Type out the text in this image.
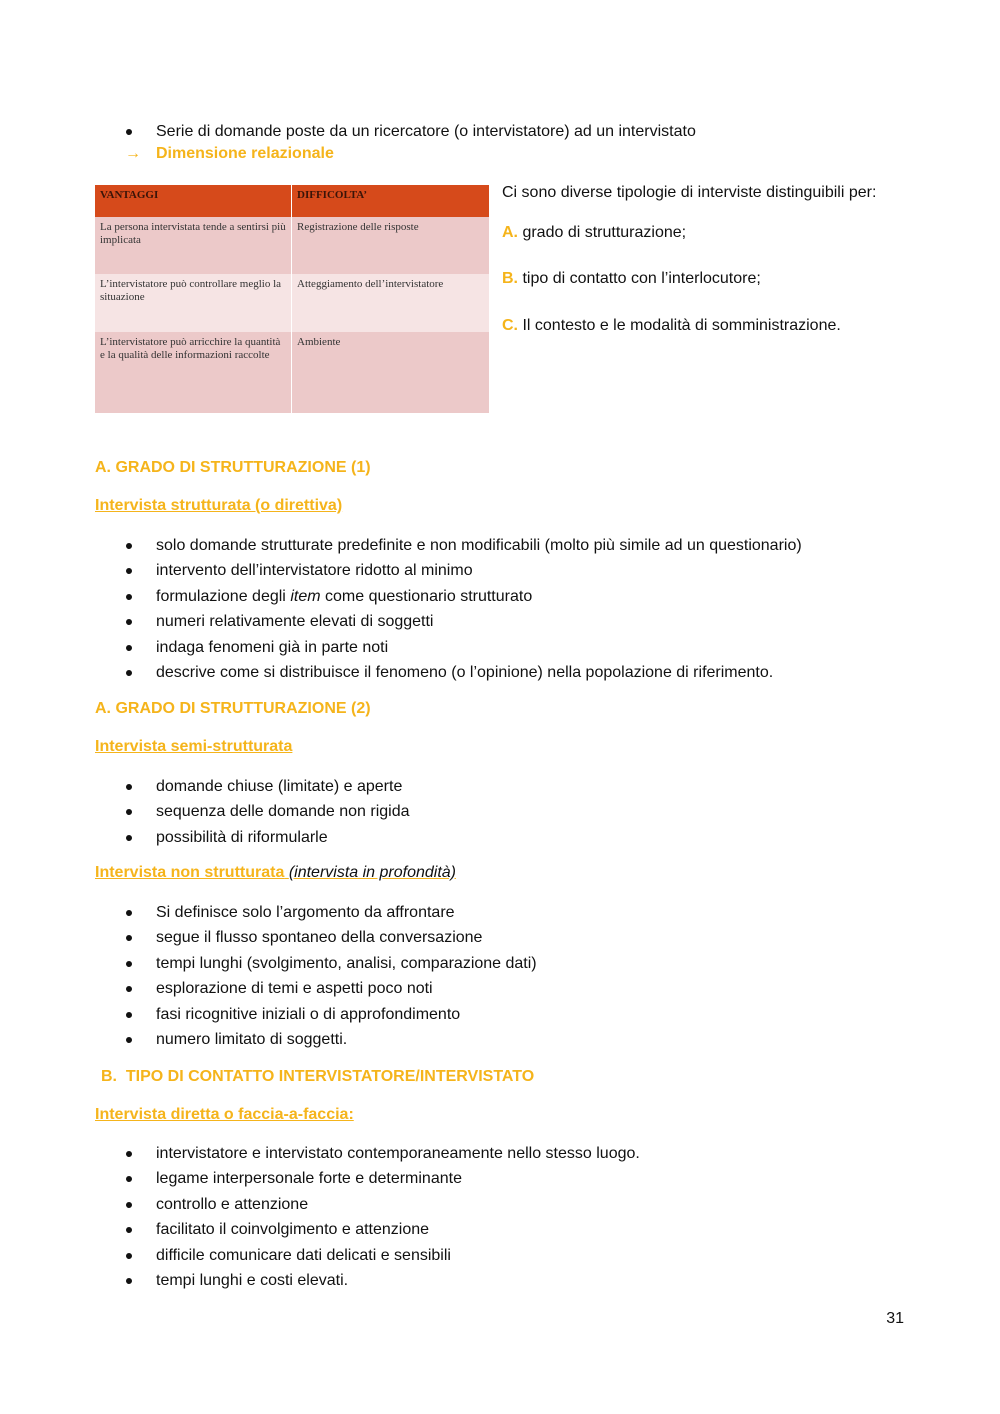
Serie di domande poste da un ricercatore (o intervistatore) ad un intervistato
→ Dimensione relazionale
VANTAGGI	DIFFICOLTA’
La persona intervistata tende a sentirsi più implicata	Registrazione delle risposte
L’intervistatore può controllare meglio la situazione	Atteggiamento dell’intervistatore
L’intervistatore può arricchire la quantità e la qualità delle informazioni raccolte	Ambiente
Ci sono diverse tipologie di interviste distinguibili per:
A. grado di strutturazione;
B. tipo di contatto con l’interlocutore;
C. Il contesto e le modalità di somministrazione.
A. GRADO DI STRUTTURAZIONE (1)
Intervista strutturata (o direttiva)
solo domande strutturate predefinite e non modificabili (molto più simile ad un questionario)
intervento dell’intervistatore ridotto al minimo
formulazione degli item come questionario strutturato
numeri relativamente elevati di soggetti
indaga fenomeni già in parte noti
descrive come si distribuisce il fenomeno (o l’opinione) nella popolazione di riferimento.
A. GRADO DI STRUTTURAZIONE (2)
Intervista semi-strutturata
domande chiuse (limitate) e aperte
sequenza delle domande non rigida
possibilità di riformularle
Intervista non strutturata (intervista in profondità)
Si definisce solo l’argomento da affrontare
segue il flusso spontaneo della conversazione
tempi lunghi (svolgimento, analisi, comparazione dati)
esplorazione di temi e aspetti poco noti
fasi ricognitive iniziali o di approfondimento
numero limitato di soggetti.
B.  TIPO DI CONTATTO INTERVISTATORE/INTERVISTATO
Intervista diretta o faccia-a-faccia:
intervistatore e intervistato contemporaneamente nello stesso luogo.
legame interpersonale forte e determinante
controllo e attenzione
facilitato il coinvolgimento e attenzione
difficile comunicare dati delicati e sensibili
tempi lunghi e costi elevati.
31
